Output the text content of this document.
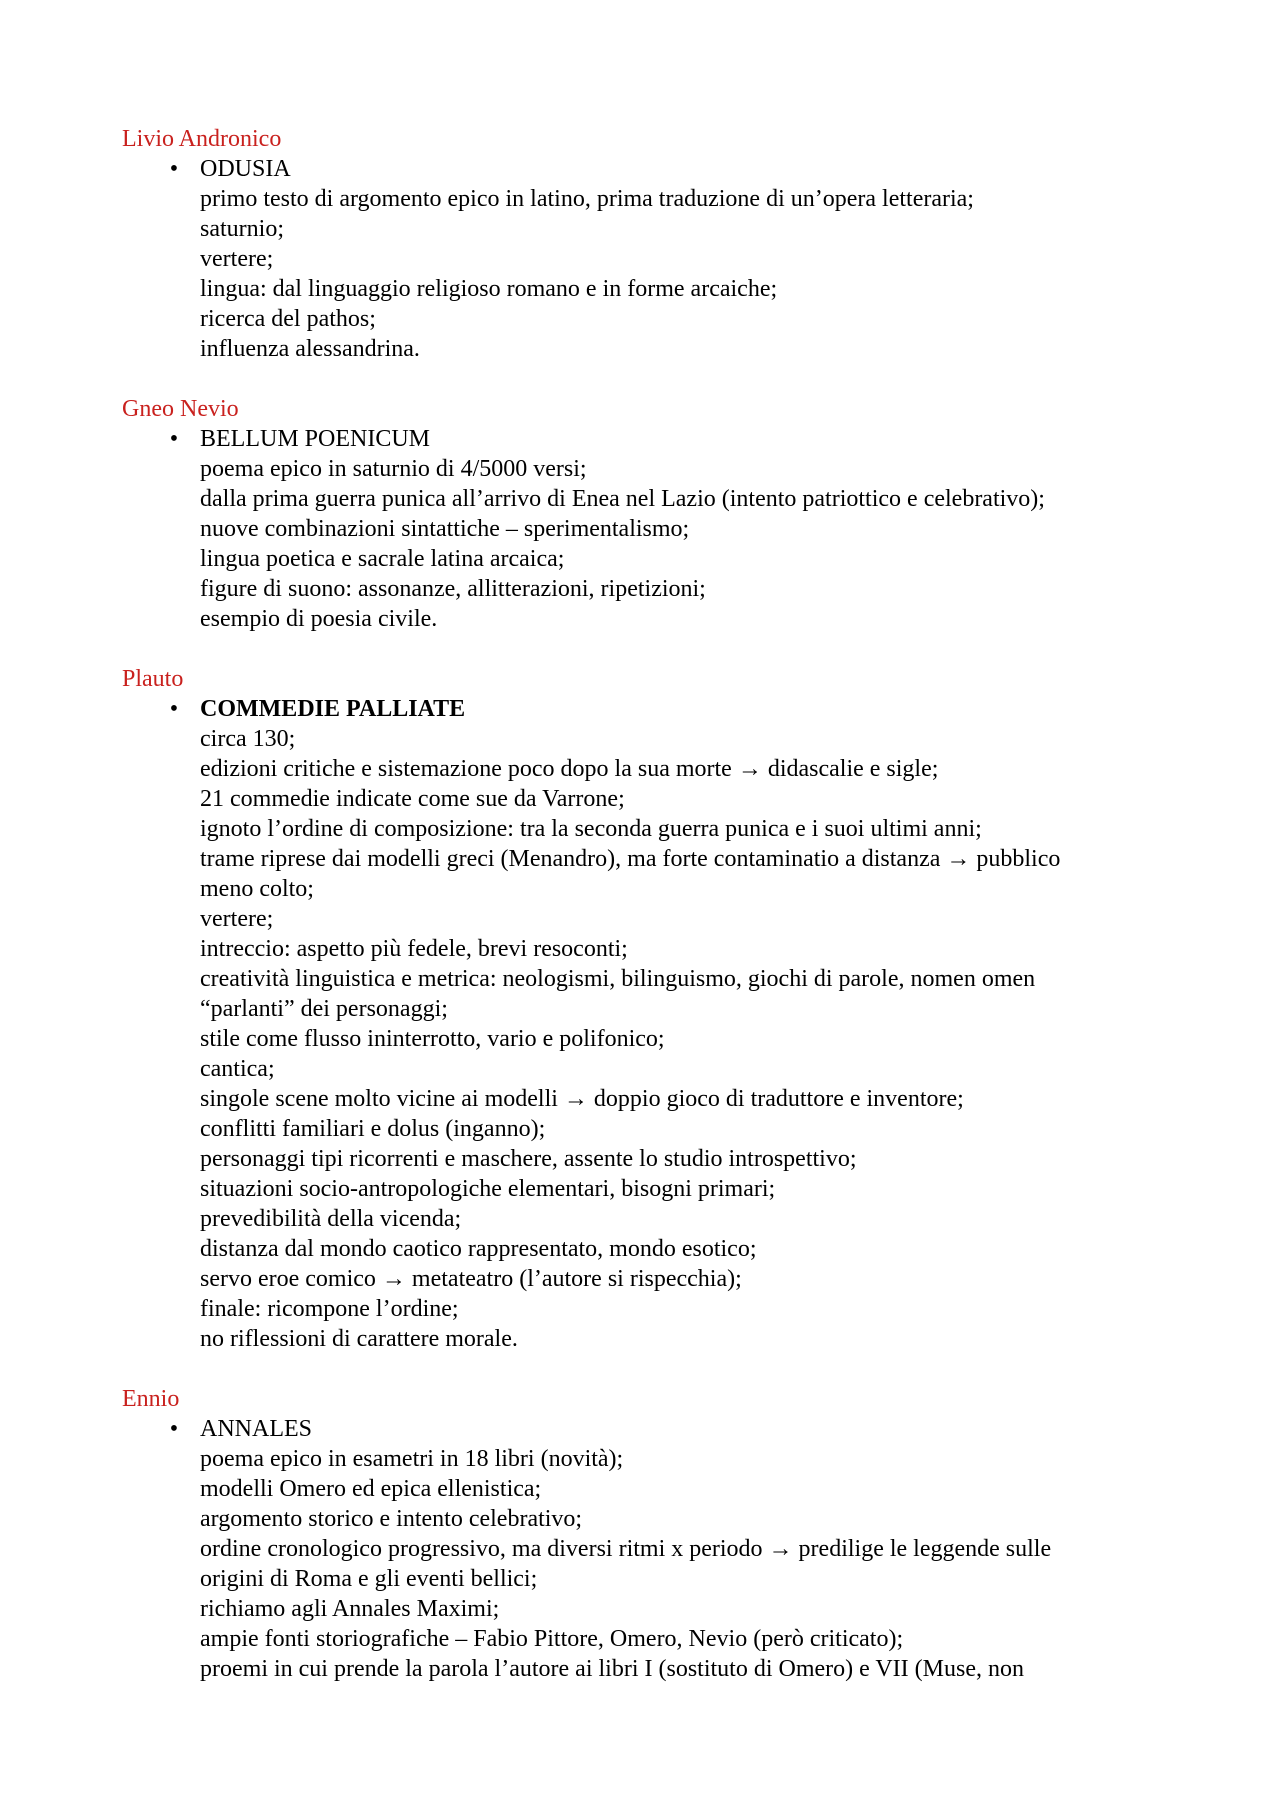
Livio Andronico
• ODUSIA
primo testo di argomento epico in latino, prima traduzione di un’opera letteraria;
saturnio;
vertere;
lingua: dal linguaggio religioso romano e in forme arcaiche;
ricerca del pathos;
influenza alessandrina.
Gneo Nevio
• BELLUM POENICUM
poema epico in saturnio di 4/5000 versi;
dalla prima guerra punica all’arrivo di Enea nel Lazio (intento patriottico e celebrativo);
nuove combinazioni sintattiche – sperimentalismo;
lingua poetica e sacrale latina arcaica;
figure di suono: assonanze, allitterazioni, ripetizioni;
esempio di poesia civile.
Plauto
• COMMEDIE PALLIATE
circa 130;
edizioni critiche e sistemazione poco dopo la sua morte → didascalie e sigle;
21 commedie indicate come sue da Varrone;
ignoto l’ordine di composizione: tra la seconda guerra punica e i suoi ultimi anni;
trame riprese dai modelli greci (Menandro), ma forte contaminatio a distanza → pubblico
meno colto;
vertere;
intreccio: aspetto più fedele, brevi resoconti;
creatività linguistica e metrica: neologismi, bilinguismo, giochi di parole, nomen omen
“parlanti” dei personaggi;
stile come flusso ininterrotto, vario e polifonico;
cantica;
singole scene molto vicine ai modelli → doppio gioco di traduttore e inventore;
conflitti familiari e dolus (inganno);
personaggi tipi ricorrenti e maschere, assente lo studio introspettivo;
situazioni socio-antropologiche elementari, bisogni primari;
prevedibilità della vicenda;
distanza dal mondo caotico rappresentato, mondo esotico;
servo eroe comico → metateatro (l’autore si rispecchia);
finale: ricompone l’ordine;
no riflessioni di carattere morale.
Ennio
• ANNALES
poema epico in esametri in 18 libri (novità);
modelli Omero ed epica ellenistica;
argomento storico e intento celebrativo;
ordine cronologico progressivo, ma diversi ritmi x periodo → predilige le leggende sulle
origini di Roma e gli eventi bellici;
richiamo agli Annales Maximi;
ampie fonti storiografiche – Fabio Pittore, Omero, Nevio (però criticato);
proemi in cui prende la parola l’autore ai libri I (sostituto di Omero) e VII (Muse, non
